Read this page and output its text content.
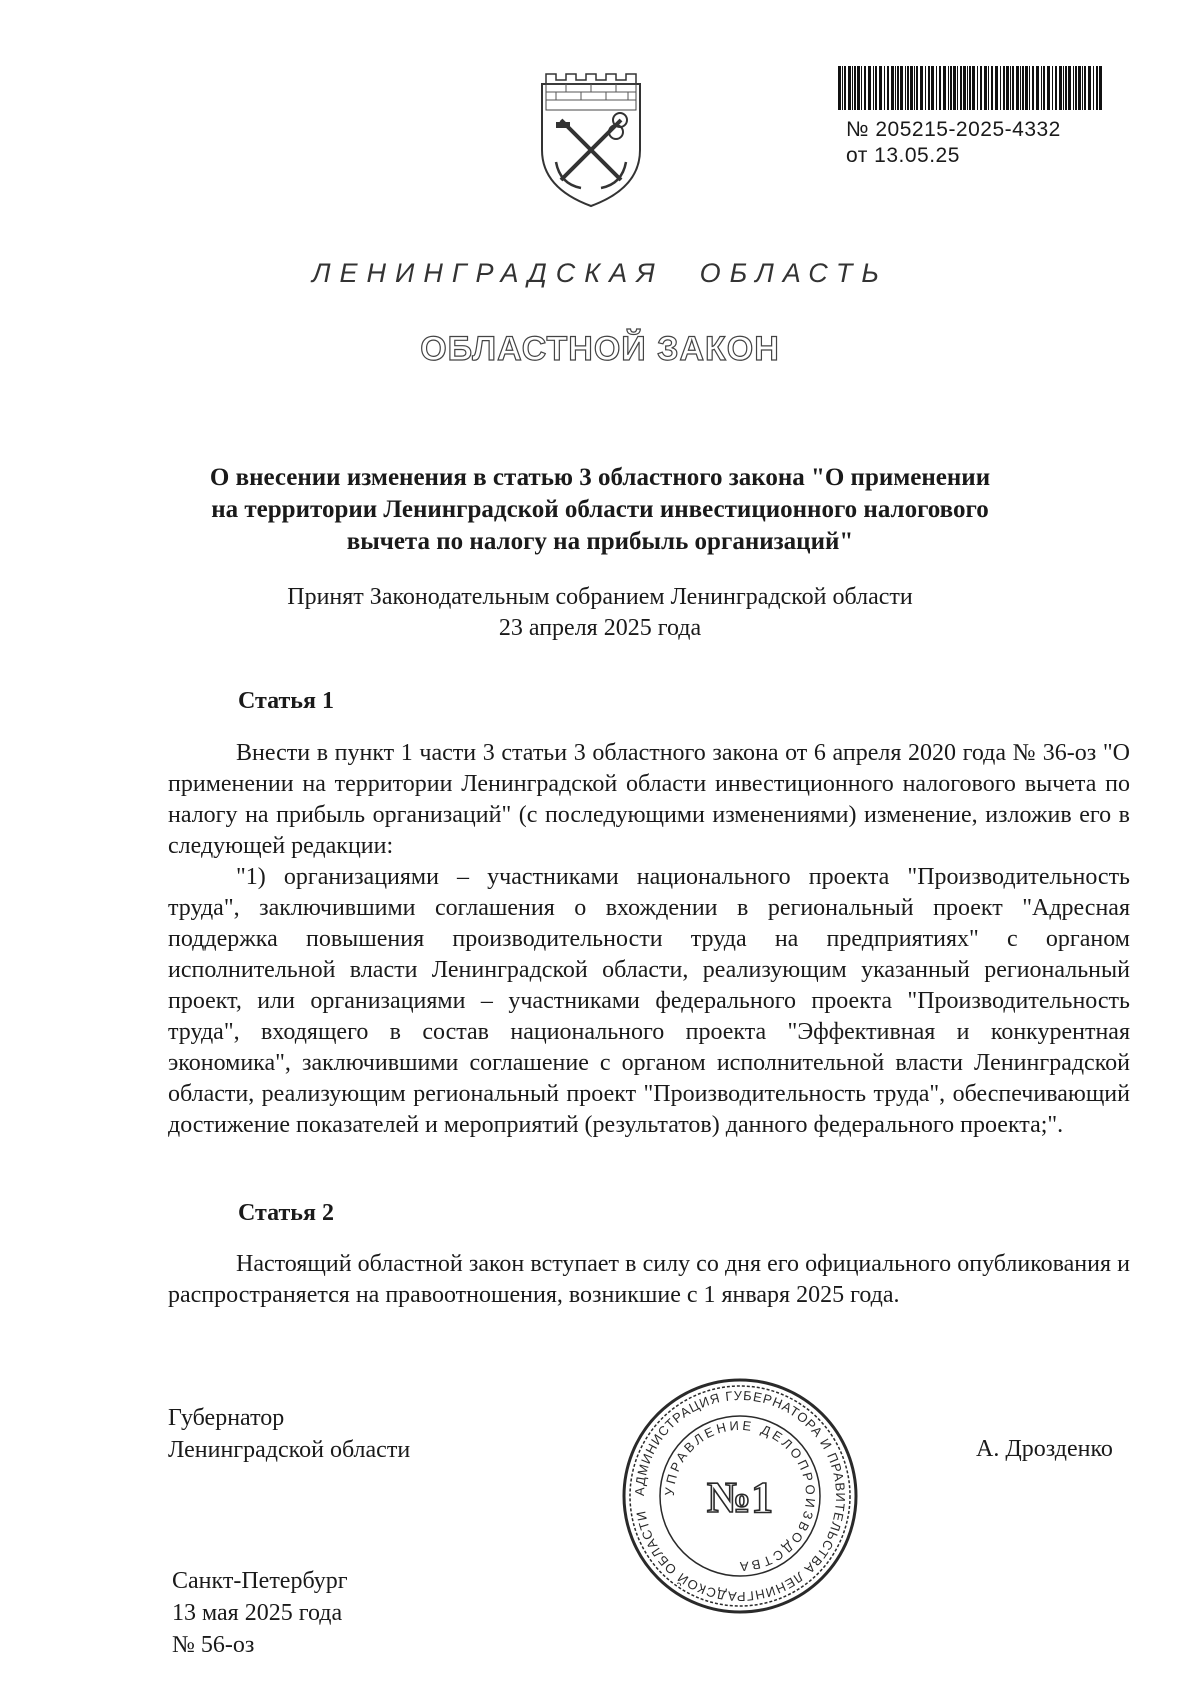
№ 205215-2025-4332
от 13.05.25
ЛЕНИНГРАДСКАЯ ОБЛАСТЬ
ОБЛАСТНОЙ ЗАКОН
О внесении изменения в статью 3 областного закона "О применении
на территории Ленинградской области инвестиционного налогового
вычета по налогу на прибыль организаций"
Принят Законодательным собранием Ленинградской области
23 апреля 2025 года
Статья 1

Внести в пункт 1 части 3 статьи 3 областного закона от 6 апреля 2020 года № 36-оз "О применении на территории Ленинградской области инвестиционного налогового вычета по налогу на прибыль организаций" (с последующими изменениями) изменение, изложив его в следующей редакции:

"1) организациями – участниками национального проекта "Производительность труда", заключившими соглашения о вхождении в региональный проект "Адресная поддержка повышения производительности труда на предприятиях" с органом исполнительной власти Ленинградской области, реализующим указанный региональный проект, или организациями – участниками федерального проекта "Производительность труда", входящего в состав национального проекта "Эффективная и конкурентная экономика", заключившими соглашение с органом исполнительной власти Ленинградской области, реализующим региональный проект "Производительность труда", обеспечивающий достижение показателей и мероприятий (результатов) данного федерального проекта;".

Статья 2

Настоящий областной закон вступает в силу со дня его официального опубликования и распространяется на правоотношения, возникшие с 1 января 2025 года.

Губернатор
Ленинградской области	А. Дрозденко
АДМИНИСТРАЦИЯ ГУБЕРНАТОРА И ПРАВИТЕЛЬСТВА ЛЕНИНГРАДСКОЙ ОБЛАСТИ
УПРАВЛЕНИЕ ДЕЛОПРОИЗВОДСТВА
№1
Санкт-Петербург
13 мая 2025 года
№ 56-оз
